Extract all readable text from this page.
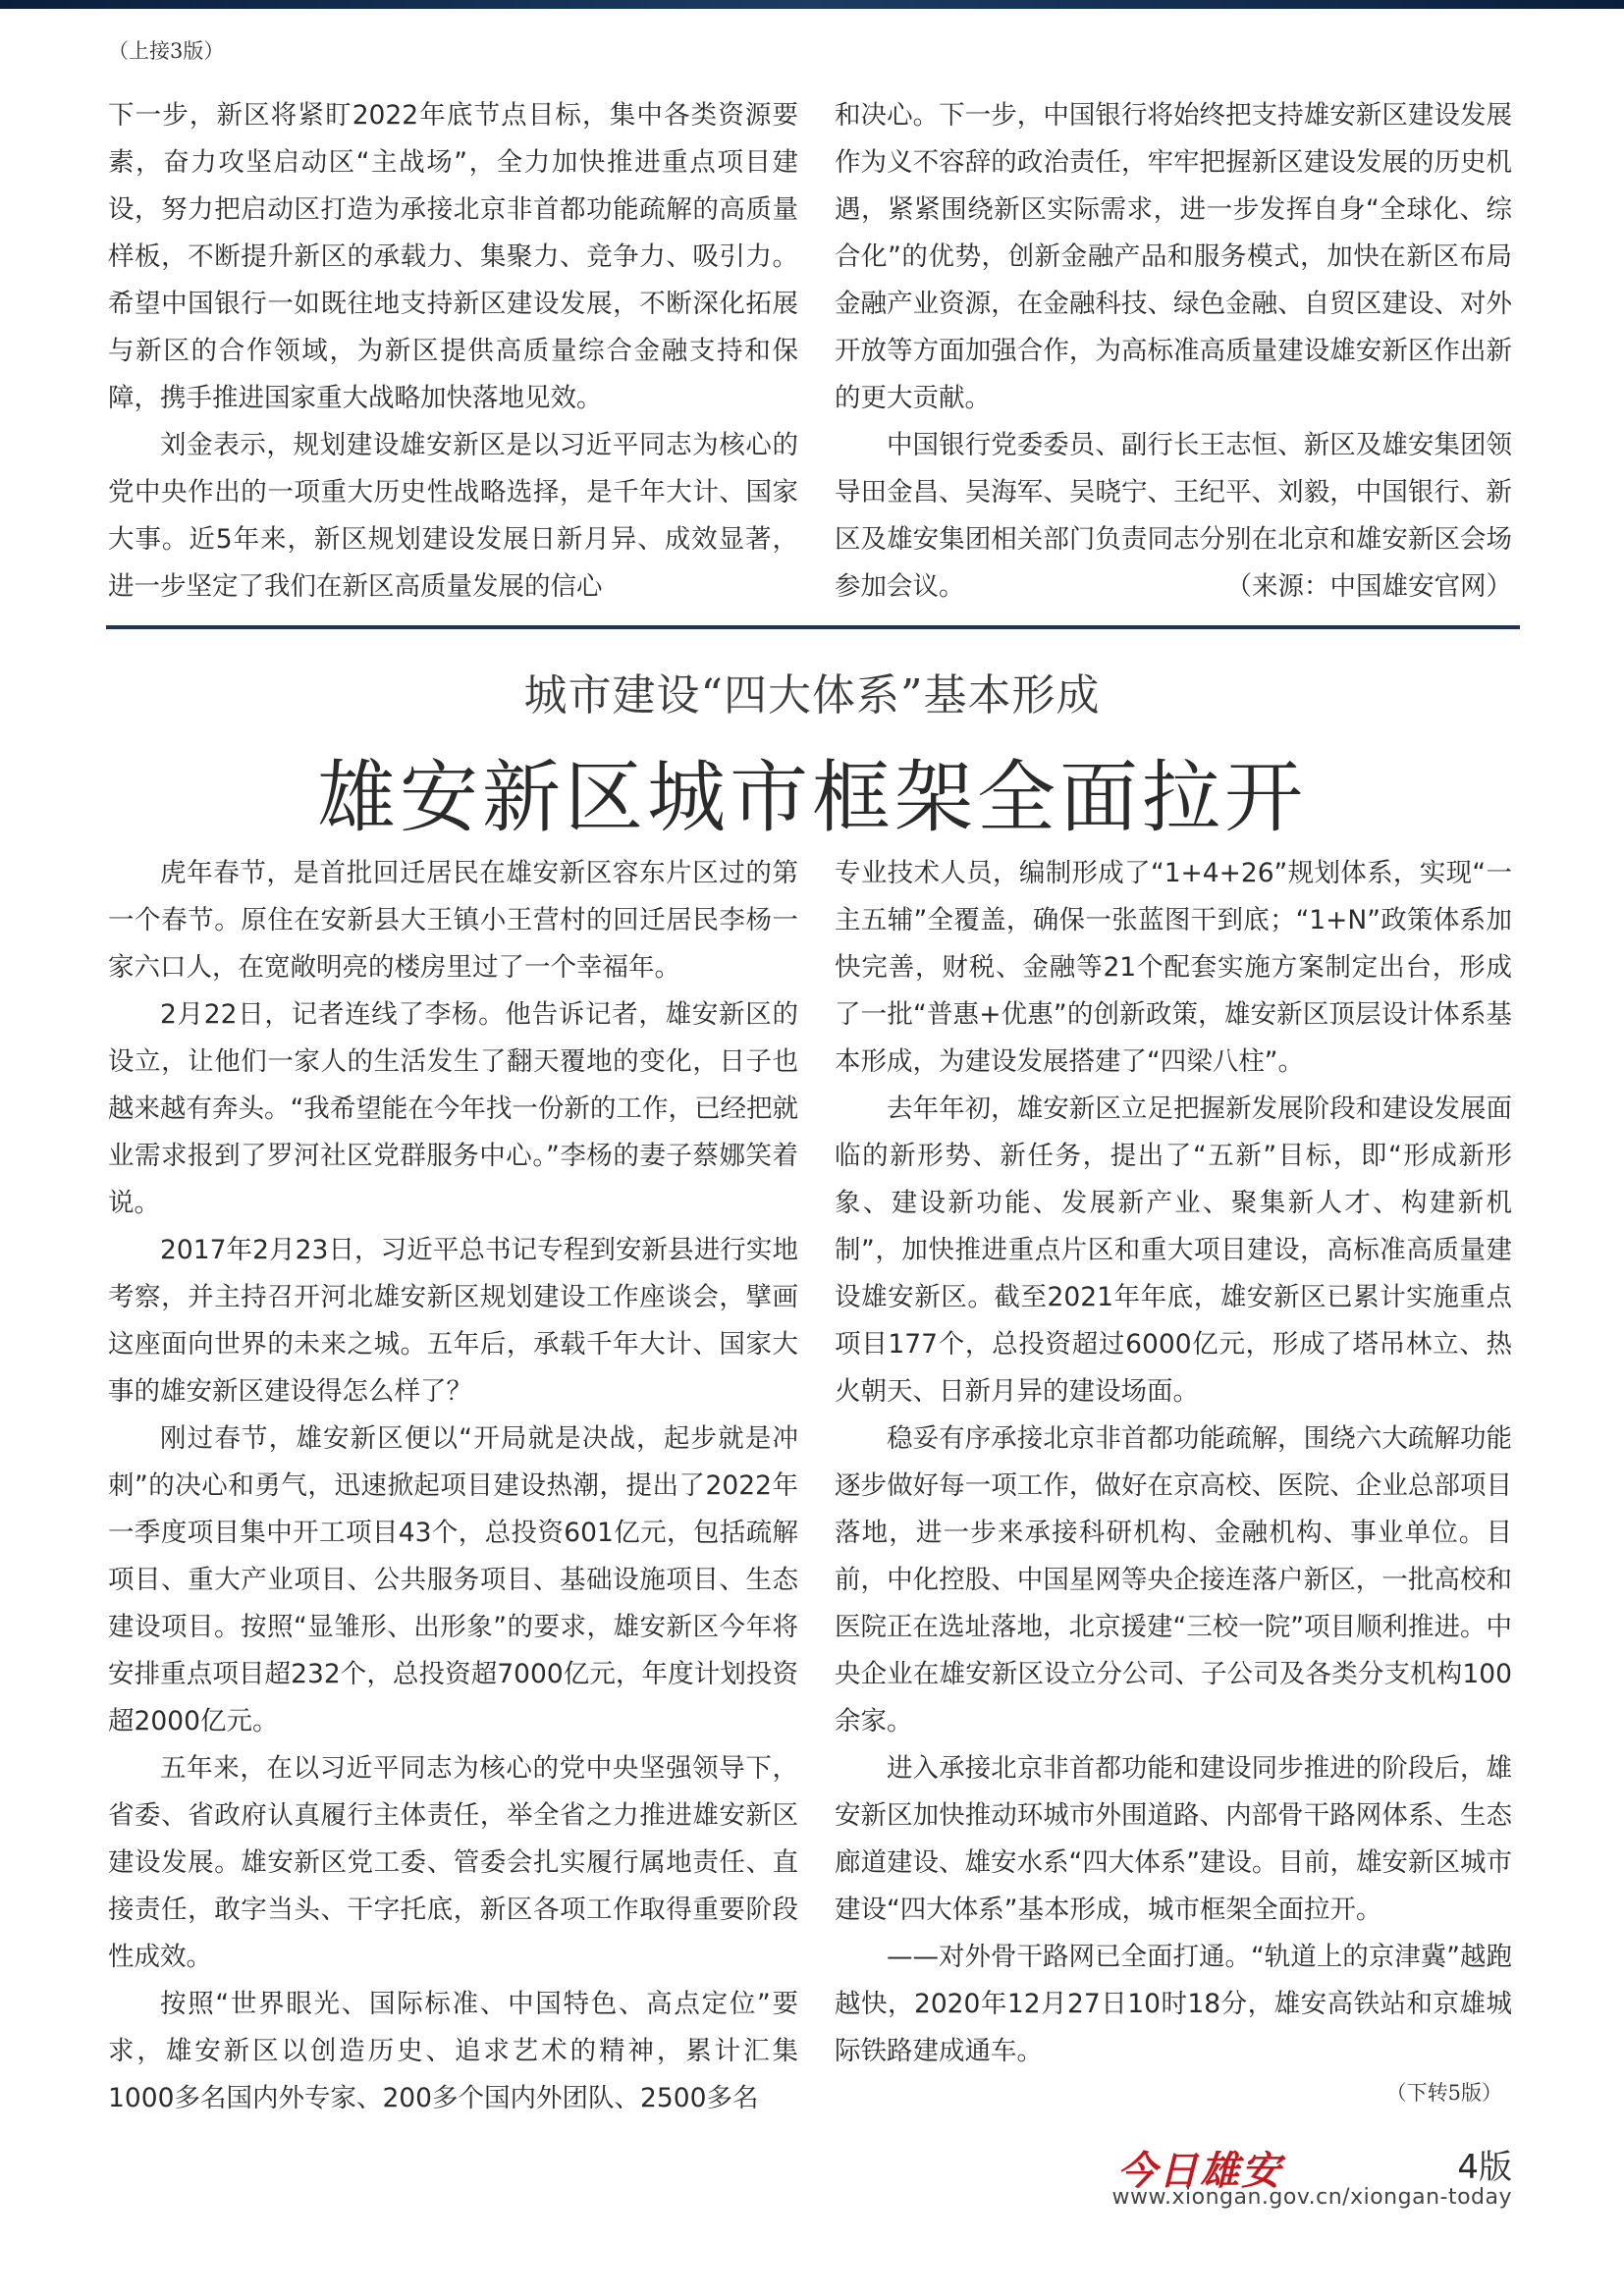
（上接3版）

下一步，新区将紧盯2022年底节点目标，集中各类资源要素，奋力攻坚启动区“主战场”，全力加快推进重点项目建设，努力把启动区打造为承接北京非首都功能疏解的高质量样板，不断提升新区的承载力、集聚力、竞争力、吸引力。希望中国银行一如既往地支持新区建设发展，不断深化拓展与新区的合作领域，为新区提供高质量综合金融支持和保障，携手推进国家重大战略加快落地见效。

刘金表示，规划建设雄安新区是以习近平同志为核心的党中央作出的一项重大历史性战略选择，是千年大计、国家大事。近5年来，新区规划建设发展日新月异、成效显著，进一步坚定了我们在新区高质量发展的信心

和决心。下一步，中国银行将始终把支持雄安新区建设发展作为义不容辞的政治责任，牢牢把握新区建设发展的历史机遇，紧紧围绕新区实际需求，进一步发挥自身“全球化、综合化”的优势，创新金融产品和服务模式，加快在新区布局金融产业资源，在金融科技、绿色金融、自贸区建设、对外开放等方面加强合作，为高标准高质量建设雄安新区作出新的更大贡献。

中国银行党委委员、副行长王志恒、新区及雄安集团领导田金昌、吴海军、吴晓宁、王纪平、刘毅，中国银行、新区及雄安集团相关部门负责同志分别在北京和雄安新区会场参加会议。	（来源：中国雄安官网）

城市建设“四大体系”基本形成
雄安新区城市框架全面拉开

虎年春节，是首批回迁居民在雄安新区容东片区过的第一个春节。原住在安新县大王镇小王营村的回迁居民李杨一家六口人，在宽敞明亮的楼房里过了一个幸福年。

2月22日，记者连线了李杨。他告诉记者，雄安新区的设立，让他们一家人的生活发生了翻天覆地的变化，日子也越来越有奔头。“我希望能在今年找一份新的工作，已经把就业需求报到了罗河社区党群服务中心。”李杨的妻子蔡娜笑着说。

2017年2月23日，习近平总书记专程到安新县进行实地考察，并主持召开河北雄安新区规划建设工作座谈会，擘画这座面向世界的未来之城。五年后，承载千年大计、国家大事的雄安新区建设得怎么样了？

刚过春节，雄安新区便以“开局就是决战，起步就是冲刺”的决心和勇气，迅速掀起项目建设热潮，提出了2022年一季度项目集中开工项目43个，总投资601亿元，包括疏解项目、重大产业项目、公共服务项目、基础设施项目、生态建设项目。按照“显雏形、出形象”的要求，雄安新区今年将安排重点项目超232个，总投资超7000亿元，年度计划投资超2000亿元。

五年来，在以习近平同志为核心的党中央坚强领导下，省委、省政府认真履行主体责任，举全省之力推进雄安新区建设发展。雄安新区党工委、管委会扎实履行属地责任、直接责任，敢字当头、干字托底，新区各项工作取得重要阶段性成效。

按照“世界眼光、国际标准、中国特色、高点定位”要求，雄安新区以创造历史、追求艺术的精神，累计汇集1000多名国内外专家、200多个国内外团队、2500多名

专业技术人员，编制形成了“1+4+26”规划体系，实现“一主五辅”全覆盖，确保一张蓝图干到底；“1+N”政策体系加快完善，财税、金融等21个配套实施方案制定出台，形成了一批“普惠+优惠”的创新政策，雄安新区顶层设计体系基本形成，为建设发展搭建了“四梁八柱”。

去年年初，雄安新区立足把握新发展阶段和建设发展面临的新形势、新任务，提出了“五新”目标，即“形成新形象、建设新功能、发展新产业、聚集新人才、构建新机制”，加快推进重点片区和重大项目建设，高标准高质量建设雄安新区。截至2021年年底，雄安新区已累计实施重点项目177个，总投资超过6000亿元，形成了塔吊林立、热火朝天、日新月异的建设场面。

稳妥有序承接北京非首都功能疏解，围绕六大疏解功能逐步做好每一项工作，做好在京高校、医院、企业总部项目落地，进一步来承接科研机构、金融机构、事业单位。目前，中化控股、中国星网等央企接连落户新区，一批高校和医院正在选址落地，北京援建“三校一院”项目顺利推进。中央企业在雄安新区设立分公司、子公司及各类分支机构100余家。

进入承接北京非首都功能和建设同步推进的阶段后，雄安新区加快推动环城市外围道路、内部骨干路网体系、生态廊道建设、雄安水系“四大体系”建设。目前，雄安新区城市建设“四大体系”基本形成，城市框架全面拉开。

——对外骨干路网已全面打通。“轨道上的京津冀”越跑越快，2020年12月27日10时18分，雄安高铁站和京雄城际铁路建成通车。

（下转5版）
今日雄安	4版
www.xiongan.gov.cn/xiongan-today
